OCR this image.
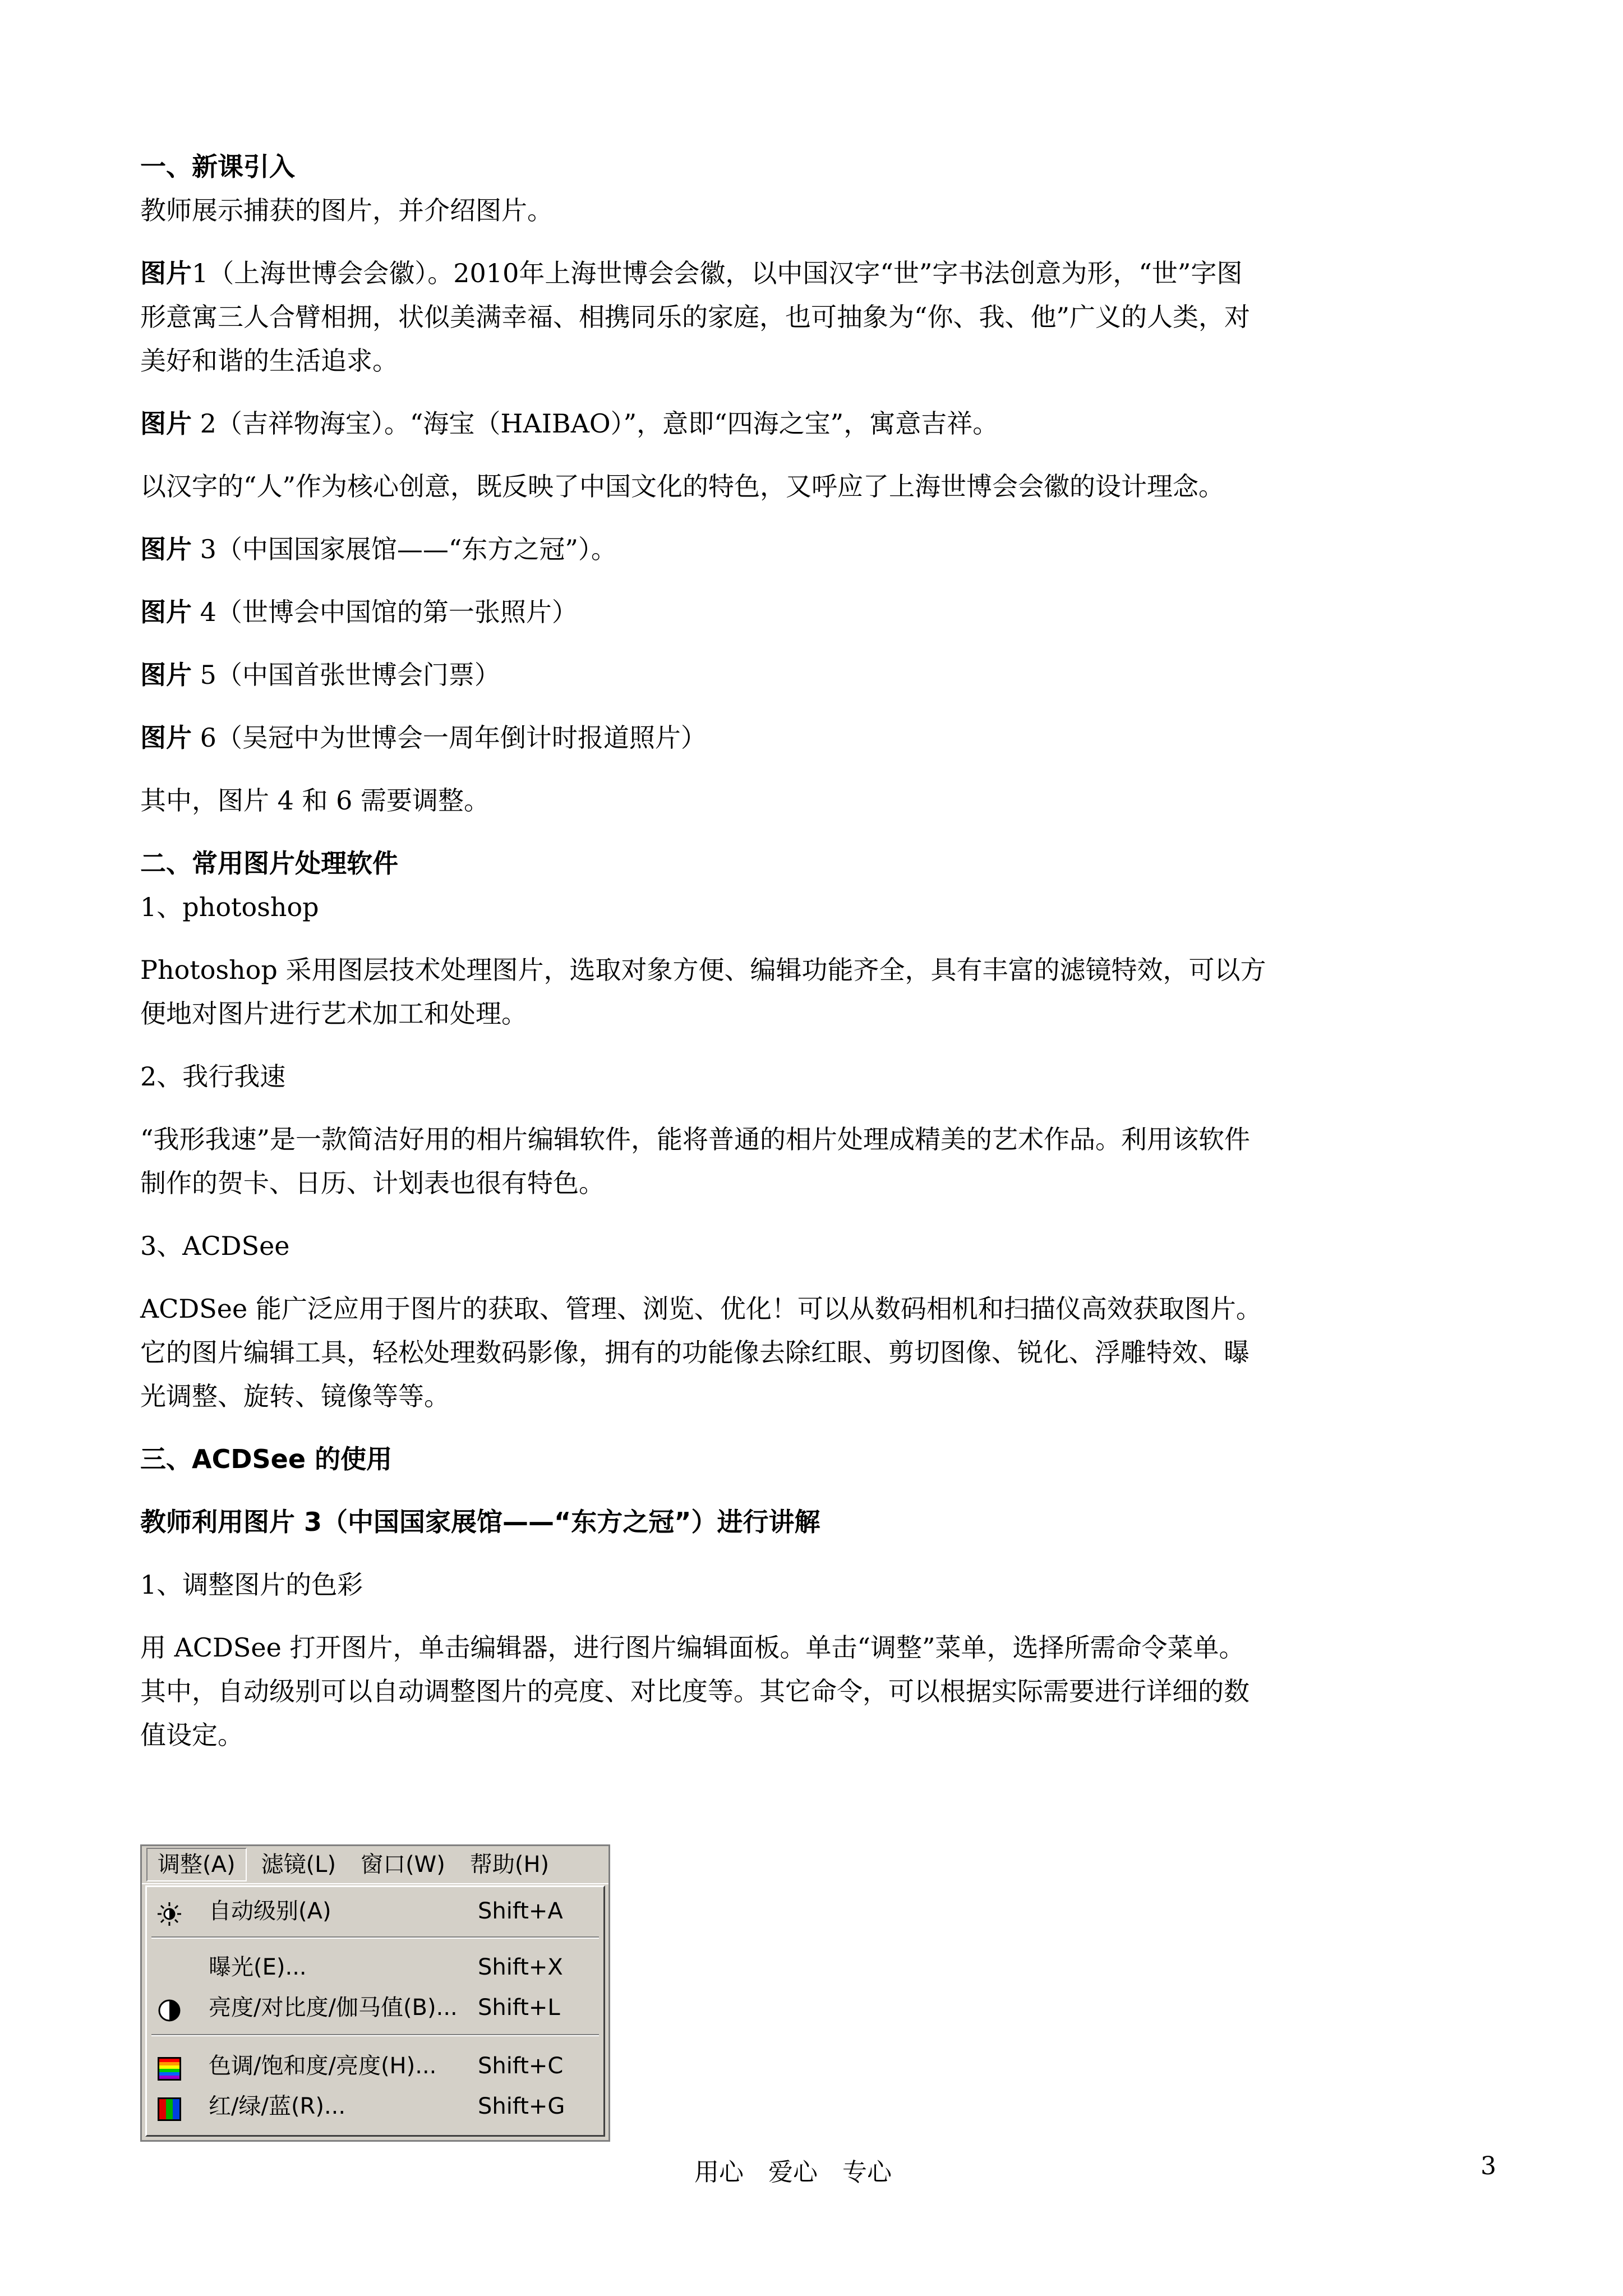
一、新课引入

教师展示捕获的图片，并介绍图片。

图片1（上海世博会会徽）。2010年上海世博会会徽，以中国汉字“世”字书法创意为形，“世”字图形意寓三人合臂相拥，状似美满幸福、相携同乐的家庭，也可抽象为“你、我、他”广义的人类，对美好和谐的生活追求。

图片 2（吉祥物海宝）。“海宝（HAIBAO）”，意即“四海之宝”，寓意吉祥。

以汉字的“人”作为核心创意，既反映了中国文化的特色，又呼应了上海世博会会徽的设计理念。

图片 3（中国国家展馆——“东方之冠”）。

图片 4（世博会中国馆的第一张照片）

图片 5（中国首张世博会门票）

图片 6（吴冠中为世博会一周年倒计时报道照片）

其中，图片 4 和 6 需要调整。

二、常用图片处理软件

1、photoshop

Photoshop 采用图层技术处理图片，选取对象方便、编辑功能齐全，具有丰富的滤镜特效，可以方便地对图片进行艺术加工和处理。

2、我行我速

“我形我速”是一款简洁好用的相片编辑软件，能将普通的相片处理成精美的艺术作品。利用该软件制作的贺卡、日历、计划表也很有特色。

3、ACDSee

ACDSee 能广泛应用于图片的获取、管理、浏览、优化！可以从数码相机和扫描仪高效获取图片。它的图片编辑工具，轻松处理数码影像，拥有的功能像去除红眼、剪切图像、锐化、浮雕特效、曝光调整、旋转、镜像等等。

三、ACDSee 的使用

教师利用图片 3（中国国家展馆——“东方之冠”）进行讲解

1、调整图片的色彩

用 ACDSee 打开图片，单击编辑器，进行图片编辑面板。单击“调整”菜单，选择所需命令菜单。其中，自动级别可以自动调整图片的亮度、对比度等。其它命令，可以根据实际需要进行详细的数值设定。

调整(A)	滤镜(L)	窗口(W)	帮助(H)
自动级别(A)	Shift+A
曝光(E)...	Shift+X
亮度/对比度/伽马值(B)... Shift+L
色调/饱和度/亮度(H)... Shift+C
红/绿/蓝(R)...	Shift+G
用心 爱心 专心	3
